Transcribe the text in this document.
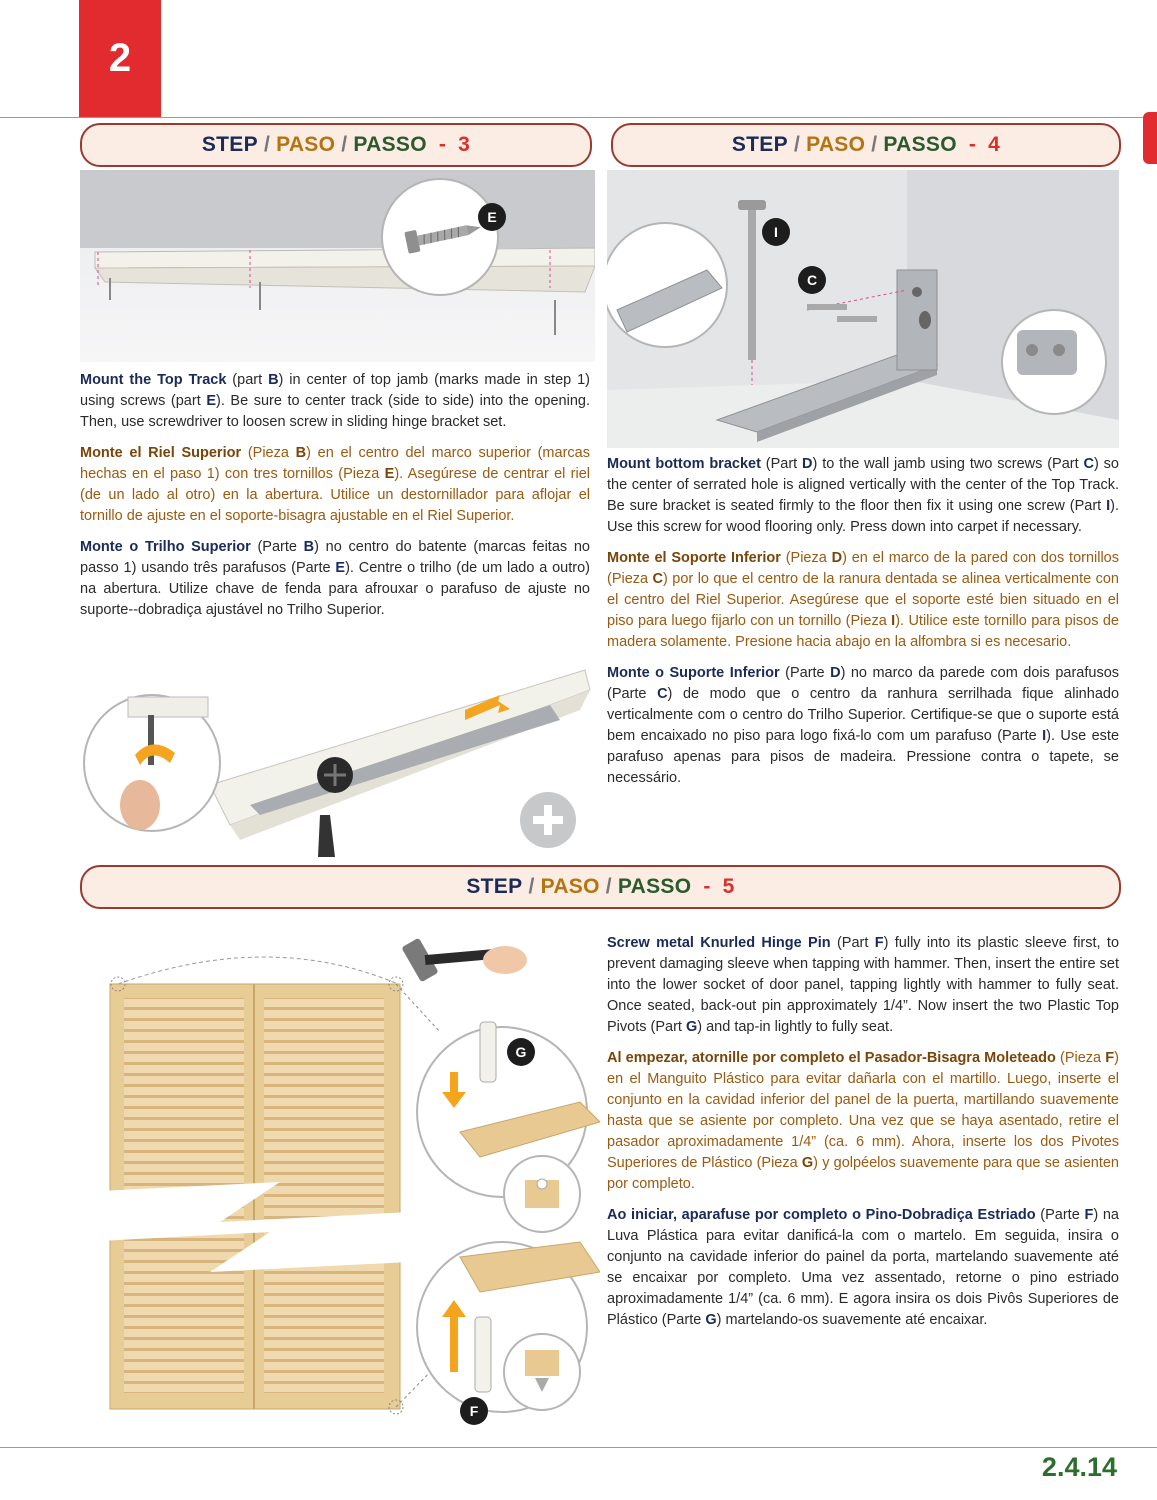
2
STEP / PASO / PASSO - 3	STEP / PASO / PASSO - 4
E
I
C

Mount the Top Track (part B) in center of top jamb (marks made in step 1) using screws (part E). Be sure to center track (side to side) into the opening. Then, use screwdriver to loosen screw in sliding hinge bracket set.

Monte el Riel Superior (Pieza B) en el centro del marco superior (marcas hechas en el paso 1) con tres tornillos (Pieza E). Asegúrese de centrar el riel (de un lado al otro) en la abertura. Utilice un destornillador para aflojar el tornillo de ajuste en el soporte-bisagra ajustable en el Riel Superior.

Monte o Trilho Superior (Parte B) no centro do batente (marcas feitas no passo 1) usando três parafusos (Parte E). Centre o trilho (de um lado a outro) na abertura. Utilize chave de fenda para afrouxar o parafuso de ajuste no suporte--dobradiça ajustável no Trilho Superior.

Mount bottom bracket (Part D) to the wall jamb using two screws (Part C) so the center of serrated hole is aligned vertically with the center of the Top Track. Be sure bracket is seated firmly to the floor then fix it using one screw (Part I). Use this screw for wood flooring only. Press down into carpet if necessary.

Monte el Soporte Inferior (Pieza D) en el marco de la pared con dos tornillos (Pieza C) por lo que el centro de la ranura dentada se alinea verticalmente con el centro del Riel Superior. Asegúrese que el soporte esté bien situado en el piso para luego fijarlo con un tornillo (Pieza I). Utilice este tornillo para pisos de madera solamente. Presione hacia abajo en la alfombra si es necesario.

Monte o Suporte Inferior (Parte D) no marco da parede com dois parafusos (Parte C) de modo que o centro da ranhura serrilhada fique alinhado verticalmente com o centro do Trilho Superior. Certifique-se que o suporte está bem encaixado no piso para logo fixá-lo com um parafuso (Parte I). Use este parafuso apenas para pisos de madeira. Pressione contra o tapete, se necessário.

STEP / PASO / PASSO - 5
G
F

Screw metal Knurled Hinge Pin (Part F) fully into its plastic sleeve first, to prevent damaging sleeve when tapping with hammer. Then, insert the entire set into the lower socket of door panel, tapping lightly with hammer to fully seat. Once seated, back-out pin approximately 1/4”. Now insert the two Plastic Top Pivots (Part G) and tap-in lightly to fully seat.

Al empezar, atornille por completo el Pasador-Bisagra Moleteado (Pieza F) en el Manguito Plástico para evitar dañarla con el martillo. Luego, inserte el conjunto en la cavidad inferior del panel de la puerta, martillando suavemente hasta que se asiente por completo. Una vez que se haya asentado, retire el pasador aproximadamente 1/4” (ca. 6 mm). Ahora, inserte los dos Pivotes Superiores de Plástico (Pieza G) y golpéelos suavemente para que se asienten por completo.

Ao iniciar, aparafuse por completo o Pino-Dobradiça Estriado (Parte F) na Luva Plástica para evitar danificá-la com o martelo. Em seguida, insira o conjunto na cavidade inferior do painel da porta, martelando suavemente até se encaixar por completo. Uma vez assentado, retorne o pino estriado aproximadamente 1/4” (ca. 6 mm). E agora insira os dois Pivôs Superiores de Plástico (Parte G) martelando-os suavemente até encaixar.

2.4.14
